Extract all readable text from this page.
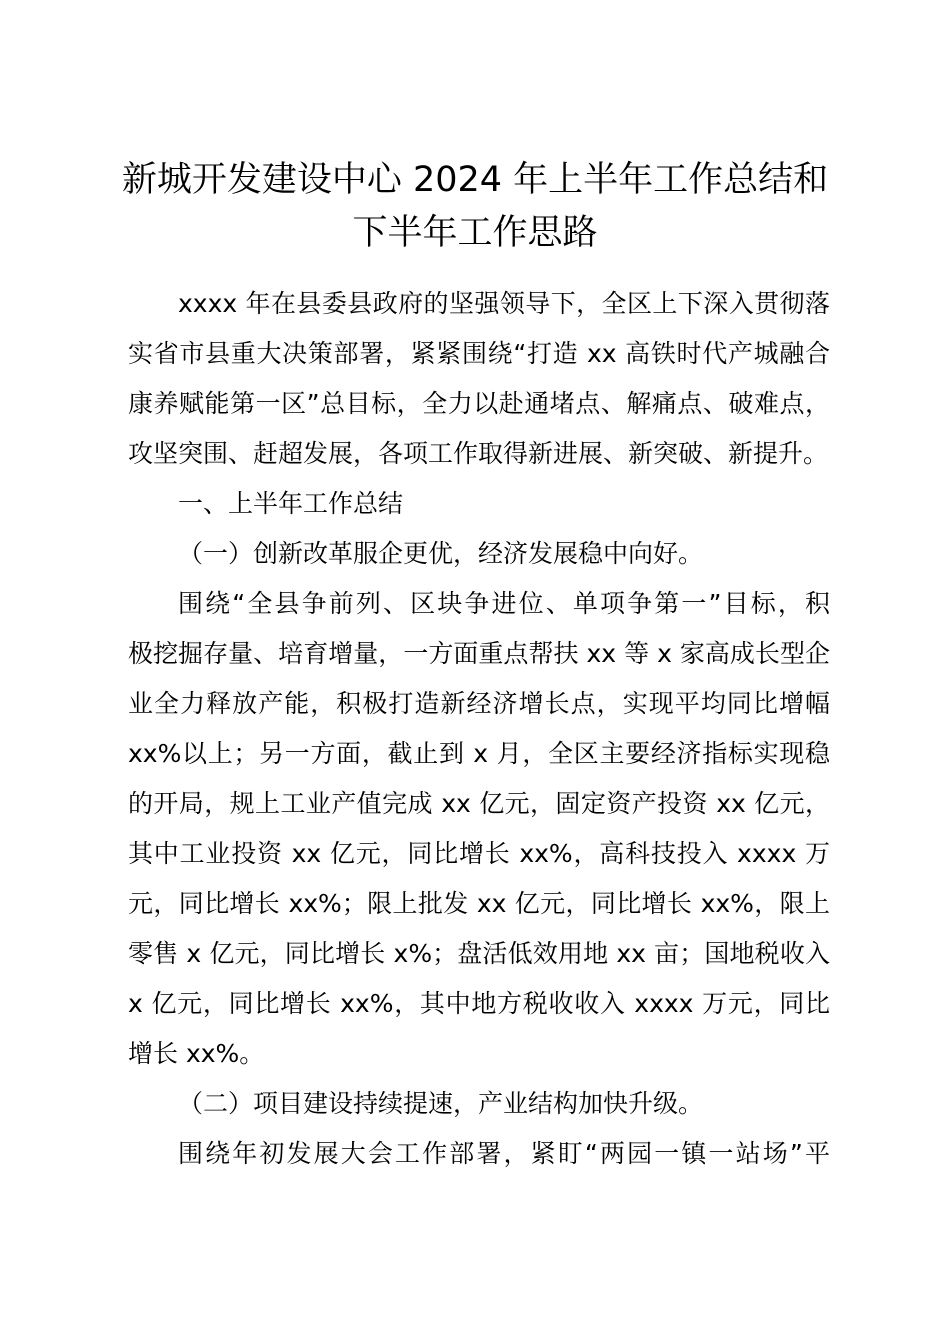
新城开发建设中心 2024 年上半年工作总结和
下半年工作思路
xxxx 年在县委县政府的坚强领导下，全区上下深入贯彻落
实省市县重大决策部署，紧紧围绕“打造 xx 高铁时代产城融合
康养赋能第一区”总目标，全力以赴通堵点、解痛点、破难点，
攻坚突围、赶超发展，各项工作取得新进展、新突破、新提升。
一、上半年工作总结
（一）创新改革服企更优，经济发展稳中向好。
围绕“全县争前列、区块争进位、单项争第一”目标，积
极挖掘存量、培育增量，一方面重点帮扶 xx 等 x 家高成长型企
业全力释放产能，积极打造新经济增长点，实现平均同比增幅
xx%以上；另一方面，截止到 x 月，全区主要经济指标实现稳
的开局，规上工业产值完成 xx 亿元，固定资产投资 xx 亿元，
其中工业投资 xx 亿元，同比增长 xx%，高科技投入 xxxx 万
元，同比增长 xx%；限上批发 xx 亿元，同比增长 xx%，限上
零售 x 亿元，同比增长 x%；盘活低效用地 xx 亩；国地税收入
x 亿元，同比增长 xx%，其中地方税收收入 xxxx 万元，同比
增长 xx%。
（二）项目建设持续提速，产业结构加快升级。
围绕年初发展大会工作部署，紧盯“两园一镇一站场”平
